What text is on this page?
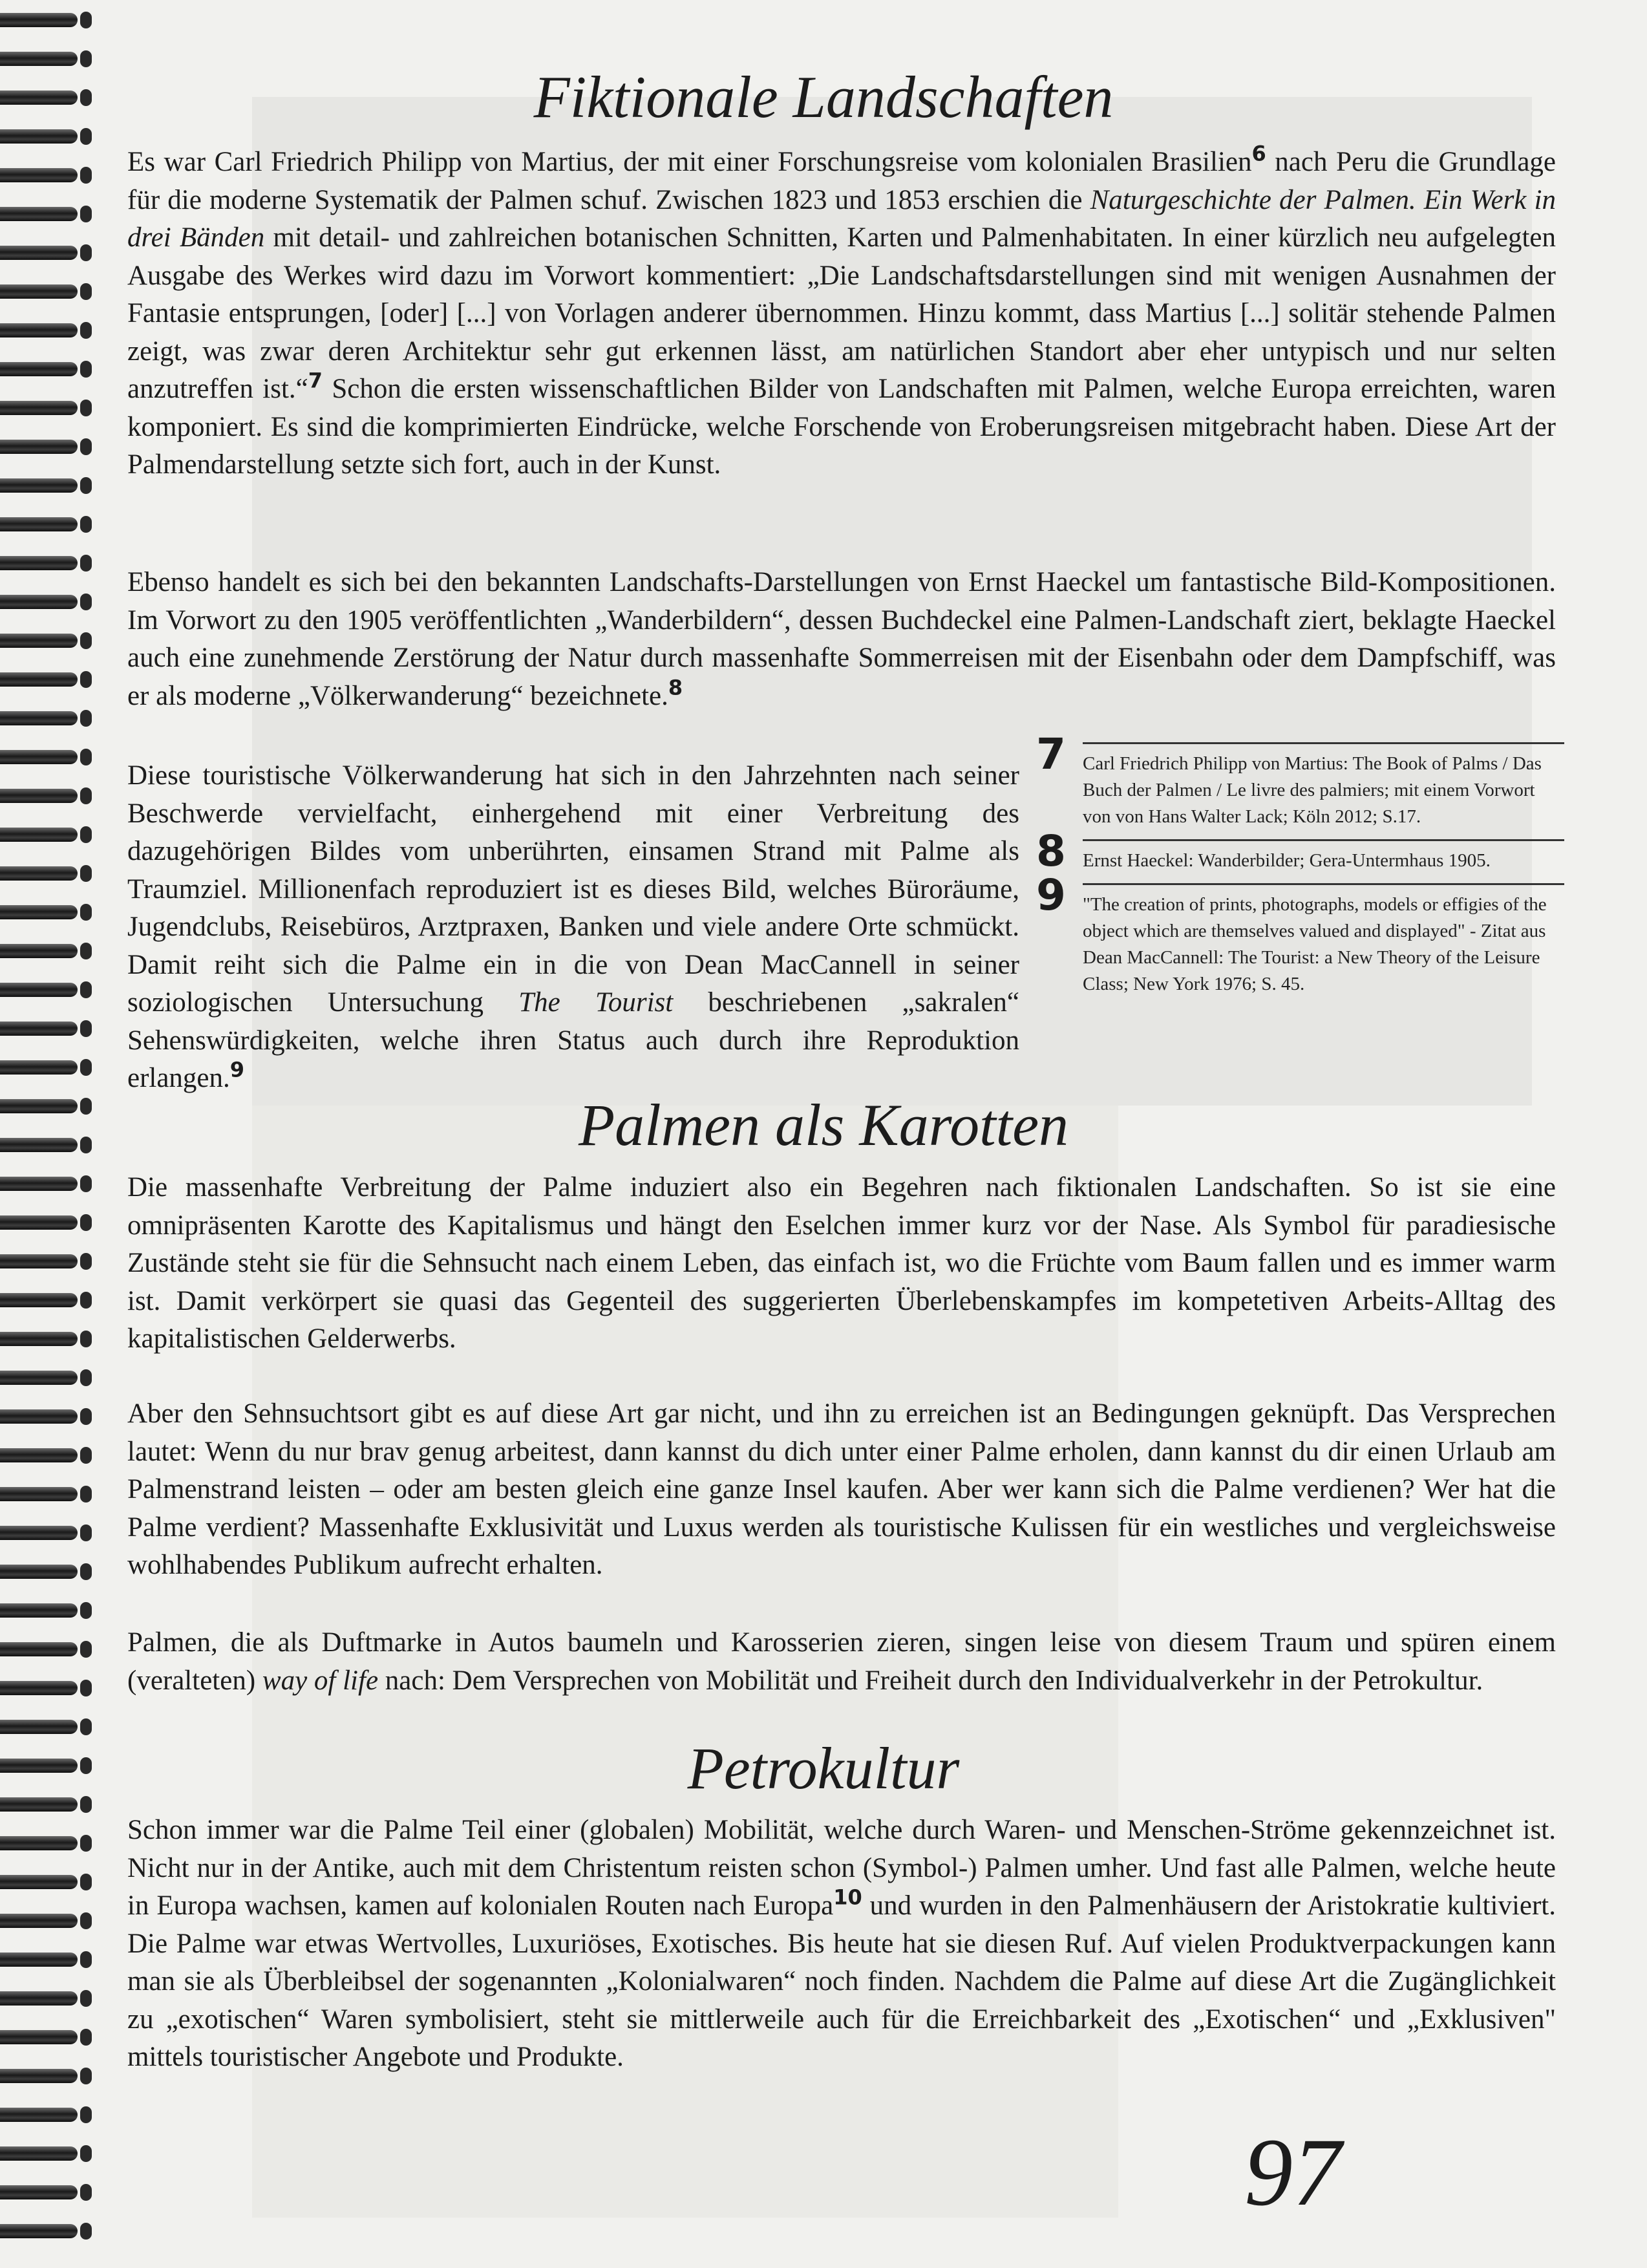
Fiktionale Landschaften

Es war Carl Friedrich Philipp von Martius, der mit einer Forschungsreise vom kolonialen Brasilien$^6$ nach Peru die Grundlage für die moderne Systematik der Palmen schuf. Zwischen 1823 und 1853 erschien die Naturgeschichte der Palmen. Ein Werk in drei Bänden mit detail- und zahlreichen botanischen Schnitten, Karten und Palmenhabitaten. In einer kürzlich neu aufgelegten Ausgabe des Werkes wird dazu im Vorwort kommentiert: „Die Landschaftsdarstellungen sind mit wenigen Ausnahmen der Fantasie entsprungen, [oder] [...] von Vorlagen anderer übernommen. Hinzu kommt, dass Martius [...] solitär stehende Palmen zeigt, was zwar deren Architektur sehr gut erkennen lässt, am natürlichen Standort aber eher untypisch und nur selten anzutreffen ist.“$^7$ Schon die ersten wissenschaftlichen Bilder von Landschaften mit Palmen, welche Europa erreichten, waren komponiert. Es sind die komprimierten Eindrücke, welche Forschende von Eroberungsreisen mitgebracht haben. Diese Art der Palmendarstellung setzte sich fort, auch in der Kunst.

Ebenso handelt es sich bei den bekannten Landschafts-Darstellungen von Ernst Haeckel um fantastische Bild-Kompositionen. Im Vorwort zu den 1905 veröffentlichten „Wanderbildern“, dessen Buchdeckel eine Palmen-Landschaft ziert, beklagte Haeckel auch eine zunehmende Zerstörung der Natur durch massenhafte Sommerreisen mit der Eisenbahn oder dem Dampfschiff, was er als moderne „Völkerwanderung“ bezeichnete.$^8$

Diese touristische Völkerwanderung hat sich in den Jahrzehnten nach seiner Beschwerde vervielfacht, einhergehend mit einer Verbreitung des dazugehörigen Bildes vom unberührten, einsamen Strand mit Palme als Traumziel. Millionenfach reproduziert ist es dieses Bild, welches Büroräume, Jugendclubs, Reisebüros, Arztpraxen, Banken und viele andere Orte schmückt. Damit reiht sich die Palme ein in die von Dean MacCannell in seiner soziologischen Untersuchung The Tourist beschriebenen „sakralen“ Sehenswürdigkeiten, welche ihren Status auch durch ihre Reproduktion erlangen.$^9$

7 Carl Friedrich Philipp von Martius: The Book of Palms / Das Buch der Palmen / Le livre des palmiers; mit einem Vorwort von von Hans Walter Lack; Köln 2012; S.17.
8 Ernst Haeckel: Wanderbilder; Gera-Untermhaus 1905.
9 "The creation of prints, photographs, models or effigies of the object which are themselves valued and displayed" - Zitat aus Dean MacCannell: The Tourist: a New Theory of the Leisure Class; New York 1976; S. 45.
Palmen als Karotten

Die massenhafte Verbreitung der Palme induziert also ein Begehren nach fiktionalen Landschaften. So ist sie eine omnipräsenten Karotte des Kapitalismus und hängt den Eselchen immer kurz vor der Nase. Als Symbol für paradiesische Zustände steht sie für die Sehnsucht nach einem Leben, das einfach ist, wo die Früchte vom Baum fallen und es immer warm ist. Damit verkörpert sie quasi das Gegenteil des suggerierten Überlebenskampfes im kompetetiven Arbeits-Alltag des kapitalistischen Gelderwerbs.

Aber den Sehnsuchtsort gibt es auf diese Art gar nicht, und ihn zu erreichen ist an Bedingungen geknüpft. Das Versprechen lautet: Wenn du nur brav genug arbeitest, dann kannst du dich unter einer Palme erholen, dann kannst du dir einen Urlaub am Palmenstrand leisten – oder am besten gleich eine ganze Insel kaufen. Aber wer kann sich die Palme verdienen? Wer hat die Palme verdient? Massenhafte Exklusivität und Luxus werden als touristische Kulissen für ein westliches und vergleichsweise wohlhabendes Publikum aufrecht erhalten.

Palmen, die als Duftmarke in Autos baumeln und Karosserien zieren, singen leise von diesem Traum und spüren einem (veralteten) way of life nach: Dem Versprechen von Mobilität und Freiheit durch den Individualverkehr in der Petrokultur.

Petrokultur

Schon immer war die Palme Teil einer (globalen) Mobilität, welche durch Waren- und Menschen-Ströme gekennzeichnet ist. Nicht nur in der Antike, auch mit dem Christentum reisten schon (Symbol-) Palmen umher. Und fast alle Palmen, welche heute in Europa wachsen, kamen auf kolonialen Routen nach Europa$^{10}$ und wurden in den Palmenhäusern der Aristokratie kultiviert. Die Palme war etwas Wertvolles, Luxuriöses, Exotisches. Bis heute hat sie diesen Ruf. Auf vielen Produktverpackungen kann man sie als Überbleibsel der sogenannten „Kolonialwaren“ noch finden. Nachdem die Palme auf diese Art die Zugänglichkeit zu „exotischen“ Waren symbolisiert, steht sie mittlerweile auch für die Erreichbarkeit des „Exotischen“ und „Exklusiven" mittels touristischer Angebote und Produkte.

97
